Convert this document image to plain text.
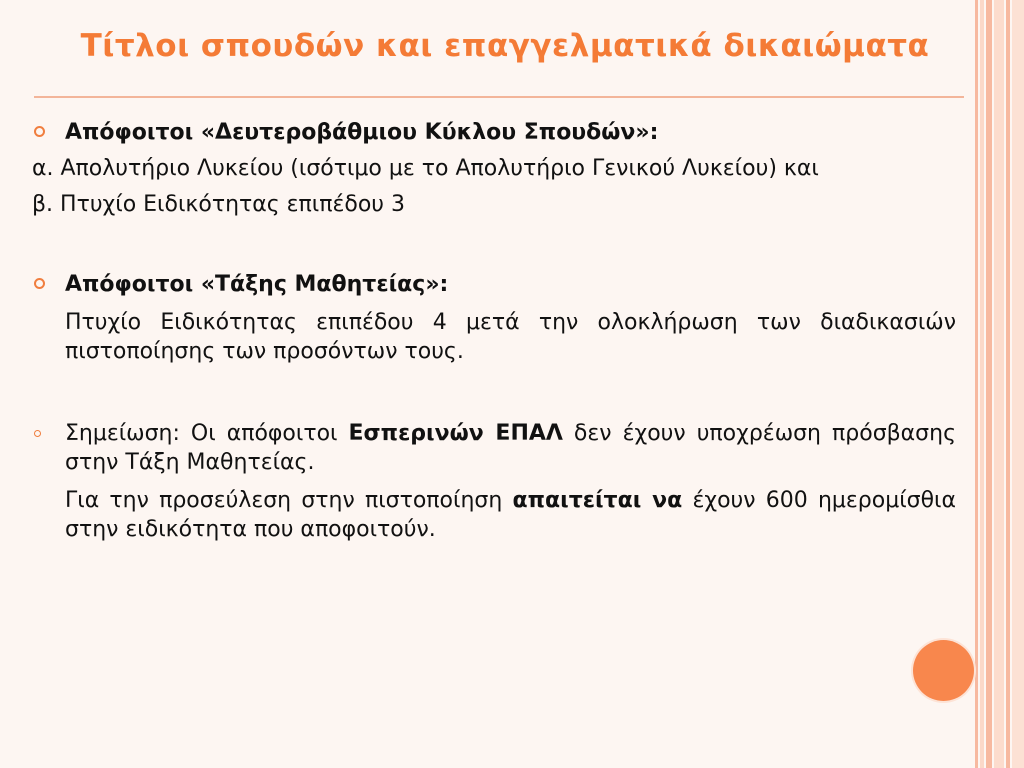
Τίτλοι σπουδών και επαγγελματικά δικαιώματα

Απόφοιτοι «Δευτεροβάθμιου Κύκλου Σπουδών»:

α. Απολυτήριο Λυκείου (ισότιμο με το Απολυτήριο Γενικού Λυκείου) και

β. Πτυχίο Ειδικότητας επιπέδου 3

Απόφοιτοι «Τάξης Μαθητείας»:

Πτυχίο Ειδικότητας επιπέδου 4 μετά την ολοκλήρωση των διαδικασιών πιστοποίησης των προσόντων τους.

Σημείωση: Οι απόφοιτοι Εσπερινών ΕΠΑΛ δεν έχουν υποχρέωση πρόσβασης στην Τάξη Μαθητείας.

Για την προσεύλεση στην πιστοποίηση απαιτείται να έχουν 600 ημερομίσθια στην ειδικότητα που αποφοιτούν.
